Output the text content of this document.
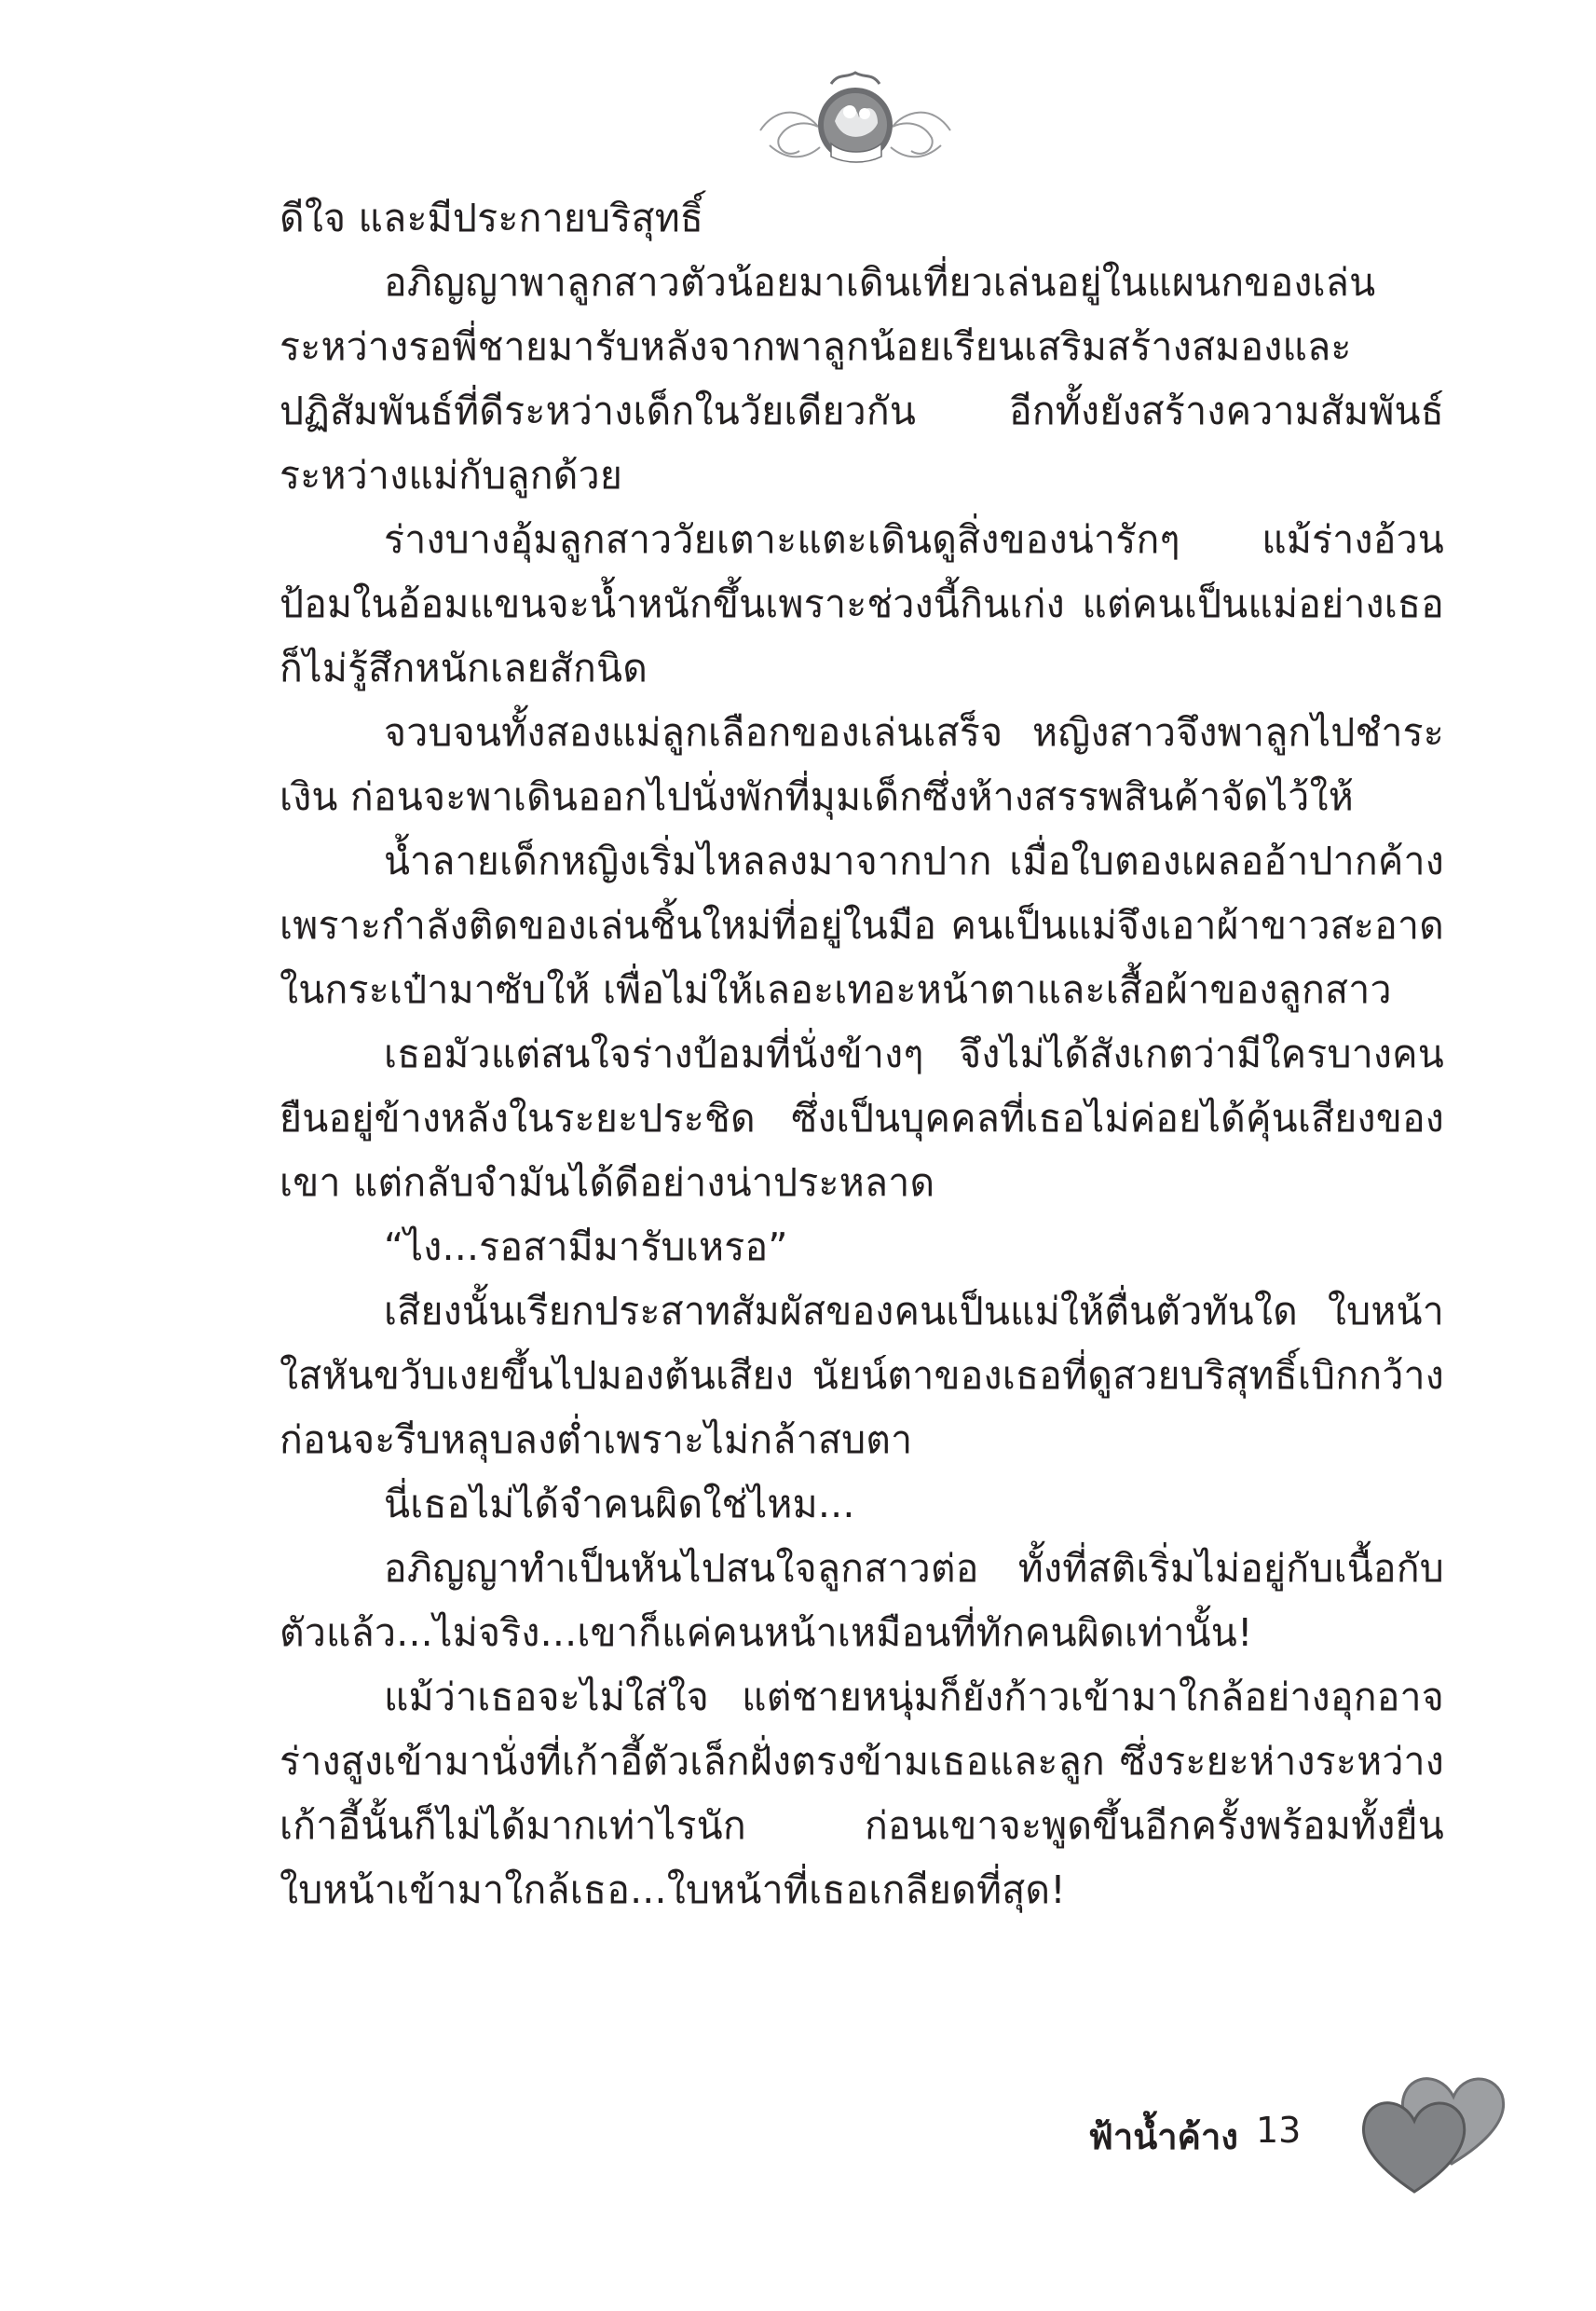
ดีใจ และมีประกายบริสุทธิ์

อภิญญาพาลูกสาวตัวน้อยมาเดินเที่ยวเล่นอยู่ในแผนกของเล่นระหว่างรอพี่ชายมารับหลังจากพาลูกน้อยเรียนเสริมสร้างสมองและปฏิสัมพันธ์ที่ดีระหว่างเด็กในวัยเดียวกัน อีกทั้งยังสร้างความสัมพันธ์ระหว่างแม่กับลูกด้วย

ร่างบางอุ้มลูกสาววัยเตาะแตะเดินดูสิ่งของน่ารักๆ แม้ร่างอ้วนป้อมในอ้อมแขนจะน้ำหนักขึ้นเพราะช่วงนี้กินเก่ง แต่คนเป็นแม่อย่างเธอก็ไม่รู้สึกหนักเลยสักนิด

จวบจนทั้งสองแม่ลูกเลือกของเล่นเสร็จ หญิงสาวจึงพาลูกไปชำระเงิน ก่อนจะพาเดินออกไปนั่งพักที่มุมเด็กซึ่งห้างสรรพสินค้าจัดไว้ให้

น้ำลายเด็กหญิงเริ่มไหลลงมาจากปาก เมื่อใบตองเผลออ้าปากค้างเพราะกำลังติดของเล่นชิ้นใหม่ที่อยู่ในมือ คนเป็นแม่จึงเอาผ้าขาวสะอาดในกระเป๋ามาซับให้ เพื่อไม่ให้เลอะเทอะหน้าตาและเสื้อผ้าของลูกสาว

เธอมัวแต่สนใจร่างป้อมที่นั่งข้างๆ จึงไม่ได้สังเกตว่ามีใครบางคนยืนอยู่ข้างหลังในระยะประชิด ซึ่งเป็นบุคคลที่เธอไม่ค่อยได้คุ้นเสียงของเขา แต่กลับจำมันได้ดีอย่างน่าประหลาด

“ไง...รอสามีมารับเหรอ”

เสียงนั้นเรียกประสาทสัมผัสของคนเป็นแม่ให้ตื่นตัวทันใด ใบหน้าใสหันขวับเงยขึ้นไปมองต้นเสียง นัยน์ตาของเธอที่ดูสวยบริสุทธิ์เบิกกว้าง ก่อนจะรีบหลุบลงต่ำเพราะไม่กล้าสบตา

นี่เธอไม่ได้จำคนผิดใช่ไหม...

อภิญญาทำเป็นหันไปสนใจลูกสาวต่อ ทั้งที่สติเริ่มไม่อยู่กับเนื้อกับตัวแล้ว...ไม่จริง...เขาก็แค่คนหน้าเหมือนที่ทักคนผิดเท่านั้น!

แม้ว่าเธอจะไม่ใส่ใจ แต่ชายหนุ่มก็ยังก้าวเข้ามาใกล้อย่างอุกอาจร่างสูงเข้ามานั่งที่เก้าอี้ตัวเล็กฝั่งตรงข้ามเธอและลูก ซึ่งระยะห่างระหว่างเก้าอี้นั้นก็ไม่ได้มากเท่าไรนัก ก่อนเขาจะพูดขึ้นอีกครั้งพร้อมทั้งยื่นใบหน้าเข้ามาใกล้เธอ...ใบหน้าที่เธอเกลียดที่สุด!

ฟ้าน้ำค้าง 13
